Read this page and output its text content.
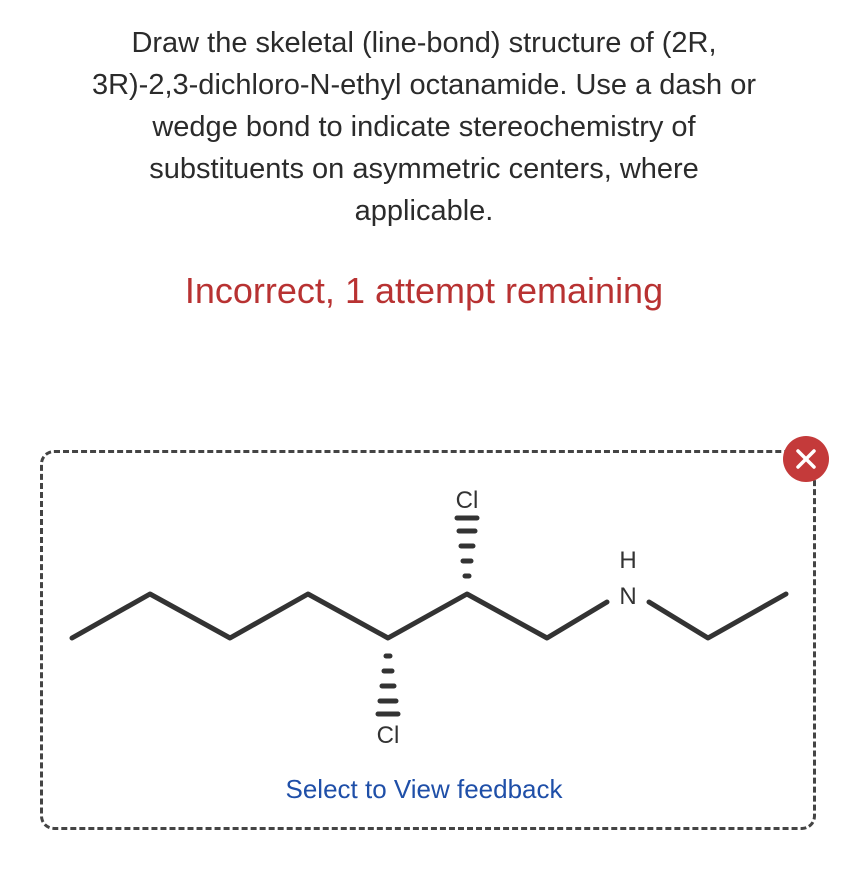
Draw the skeletal (line-bond) structure of (2R,
3R)-2,3-dichloro-N-ethyl octanamide. Use a dash or
wedge bond to indicate stereochemistry of
substituents on asymmetric centers, where
applicable.
Incorrect, 1 attempt remaining
Cl
Cl
H
N
Select to View feedback
